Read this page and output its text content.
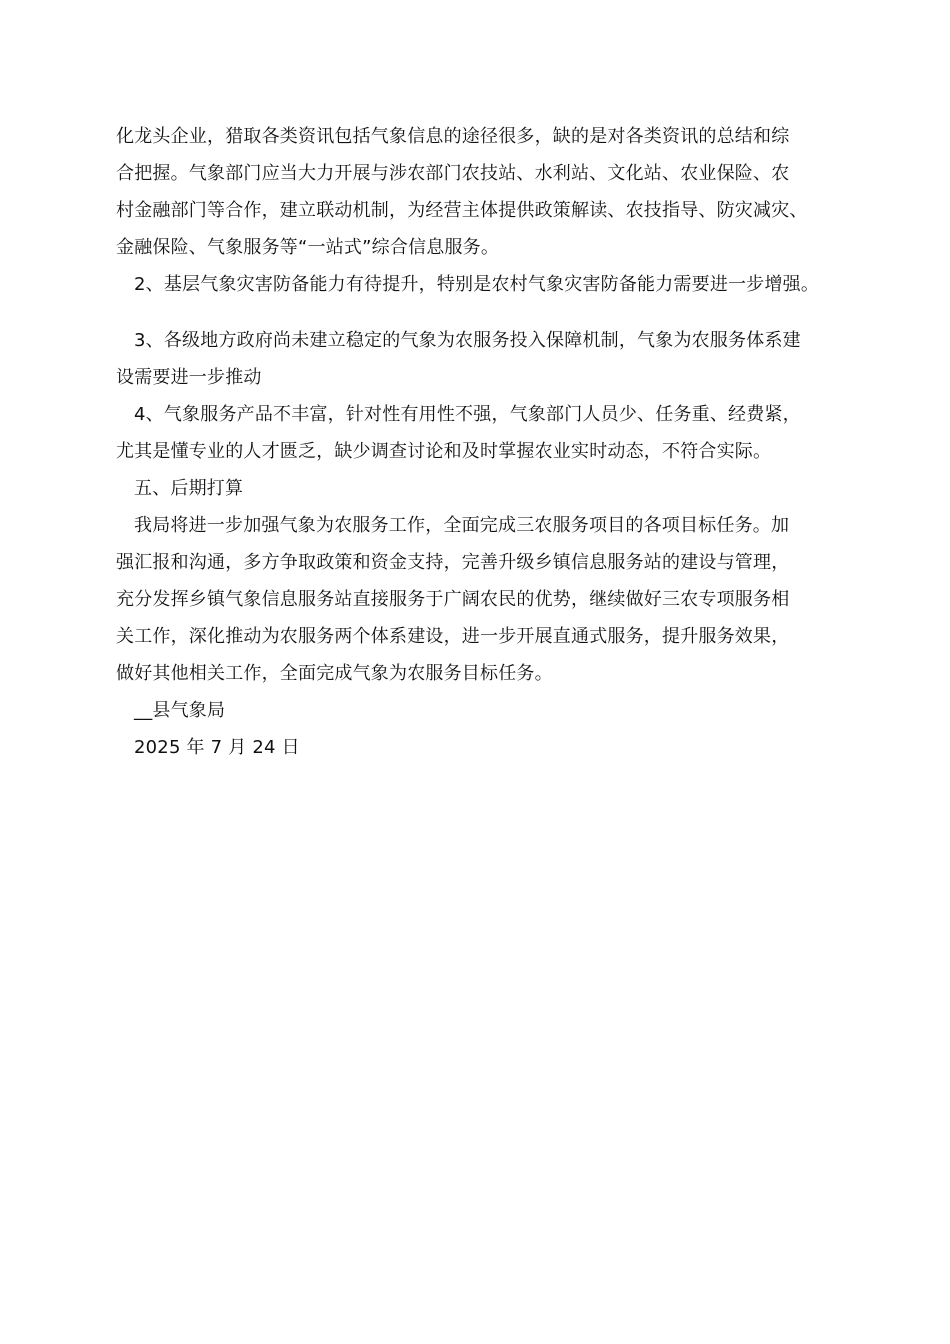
化龙头企业，猎取各类资讯包括气象信息的途径很多，缺的是对各类资讯的总结和综
合把握。气象部门应当大力开展与涉农部门农技站、水利站、文化站、农业保险、农
村金融部门等合作，建立联动机制，为经营主体提供政策解读、农技指导、防灾减灾、
金融保险、气象服务等“一站式”综合信息服务。
2、基层气象灾害防备能力有待提升，特别是农村气象灾害防备能力需要进一步增强。
3、各级地方政府尚未建立稳定的气象为农服务投入保障机制，气象为农服务体系建
设需要进一步推动
4、气象服务产品不丰富，针对性有用性不强，气象部门人员少、任务重、经费紧，
尤其是懂专业的人才匮乏，缺少调查讨论和及时掌握农业实时动态，不符合实际。
五、后期打算
我局将进一步加强气象为农服务工作，全面完成三农服务项目的各项目标任务。加
强汇报和沟通，多方争取政策和资金支持，完善升级乡镇信息服务站的建设与管理，
充分发挥乡镇气象信息服务站直接服务于广阔农民的优势，继续做好三农专项服务相
关工作，深化推动为农服务两个体系建设，进一步开展直通式服务，提升服务效果，
做好其他相关工作，全面完成气象为农服务目标任务。
__县气象局
2025 年 7 月 24 日
